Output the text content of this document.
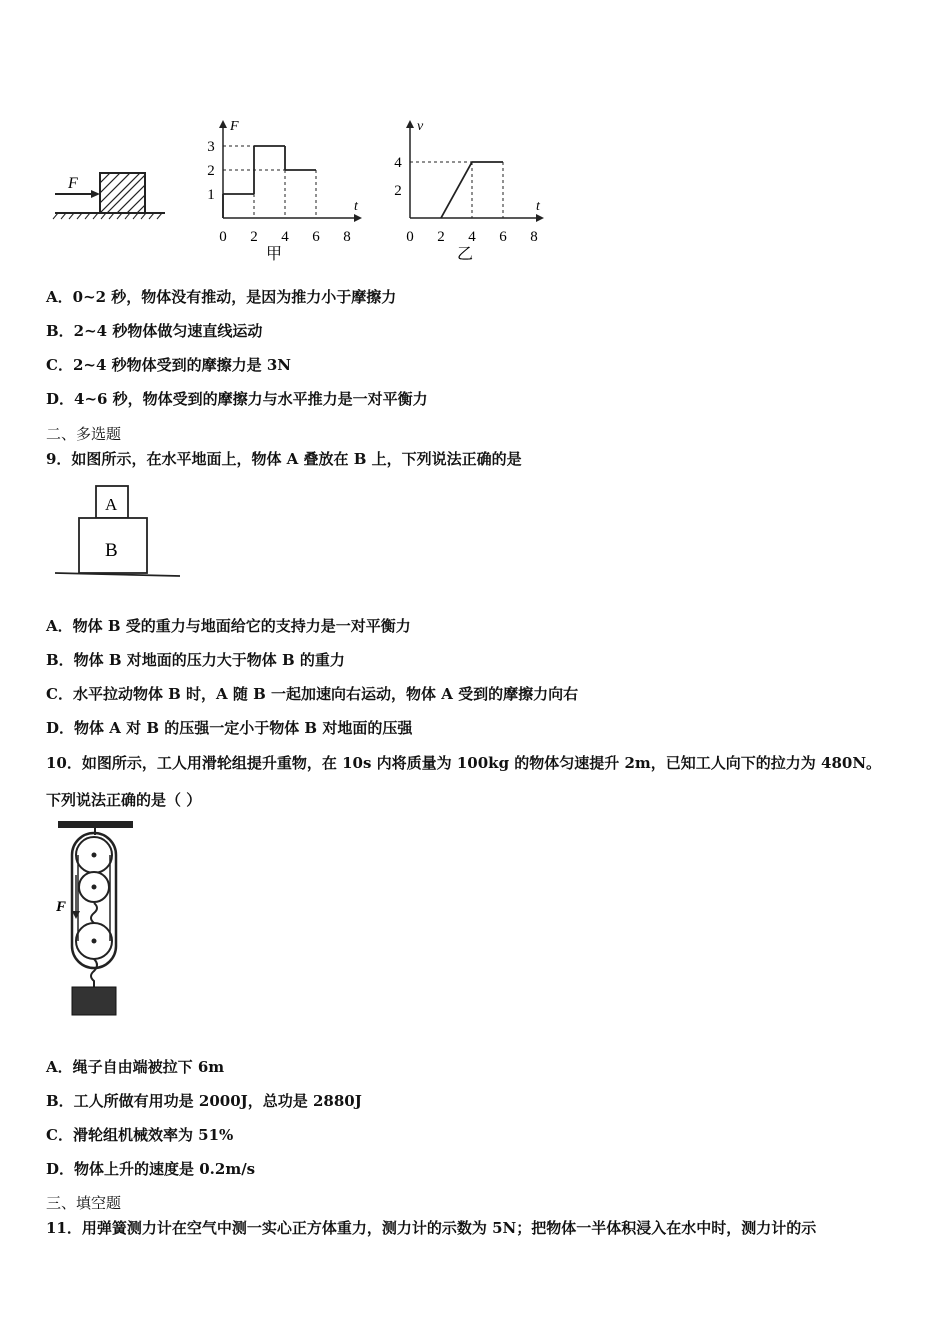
F
F
t
1
2
3
0 2 4 6 8
甲
v
t
2
4
0 2 4 6 8
乙
A．0~2 秒，物体没有推动，是因为推力小于摩擦力
B．2~4 秒物体做匀速直线运动
C．2~4 秒物体受到的摩擦力是 3N
D．4~6 秒，物体受到的摩擦力与水平推力是一对平衡力
二、多选题
9．如图所示，在水平地面上，物体 A 叠放在 B 上，下列说法正确的是
A
B
A．物体 B 受的重力与地面给它的支持力是一对平衡力
B．物体 B 对地面的压力大于物体 B 的重力
C．水平拉动物体 B 时，A 随 B 一起加速向右运动，物体 A 受到的摩擦力向右
D．物体 A 对 B 的压强一定小于物体 B 对地面的压强
10．如图所示，工人用滑轮组提升重物，在 10s 内将质量为 100kg 的物体匀速提升 2m，已知工人向下的拉力为 480N。
下列说法正确的是（ ）
F
A．绳子自由端被拉下 6m
B．工人所做有用功是 2000J，总功是 2880J
C．滑轮组机械效率为 51%
D．物体上升的速度是 0.2m/s
三、填空题
11．用弹簧测力计在空气中测一实心正方体重力，测力计的示数为 5N；把物体一半体积浸入在水中时，测力计的示
